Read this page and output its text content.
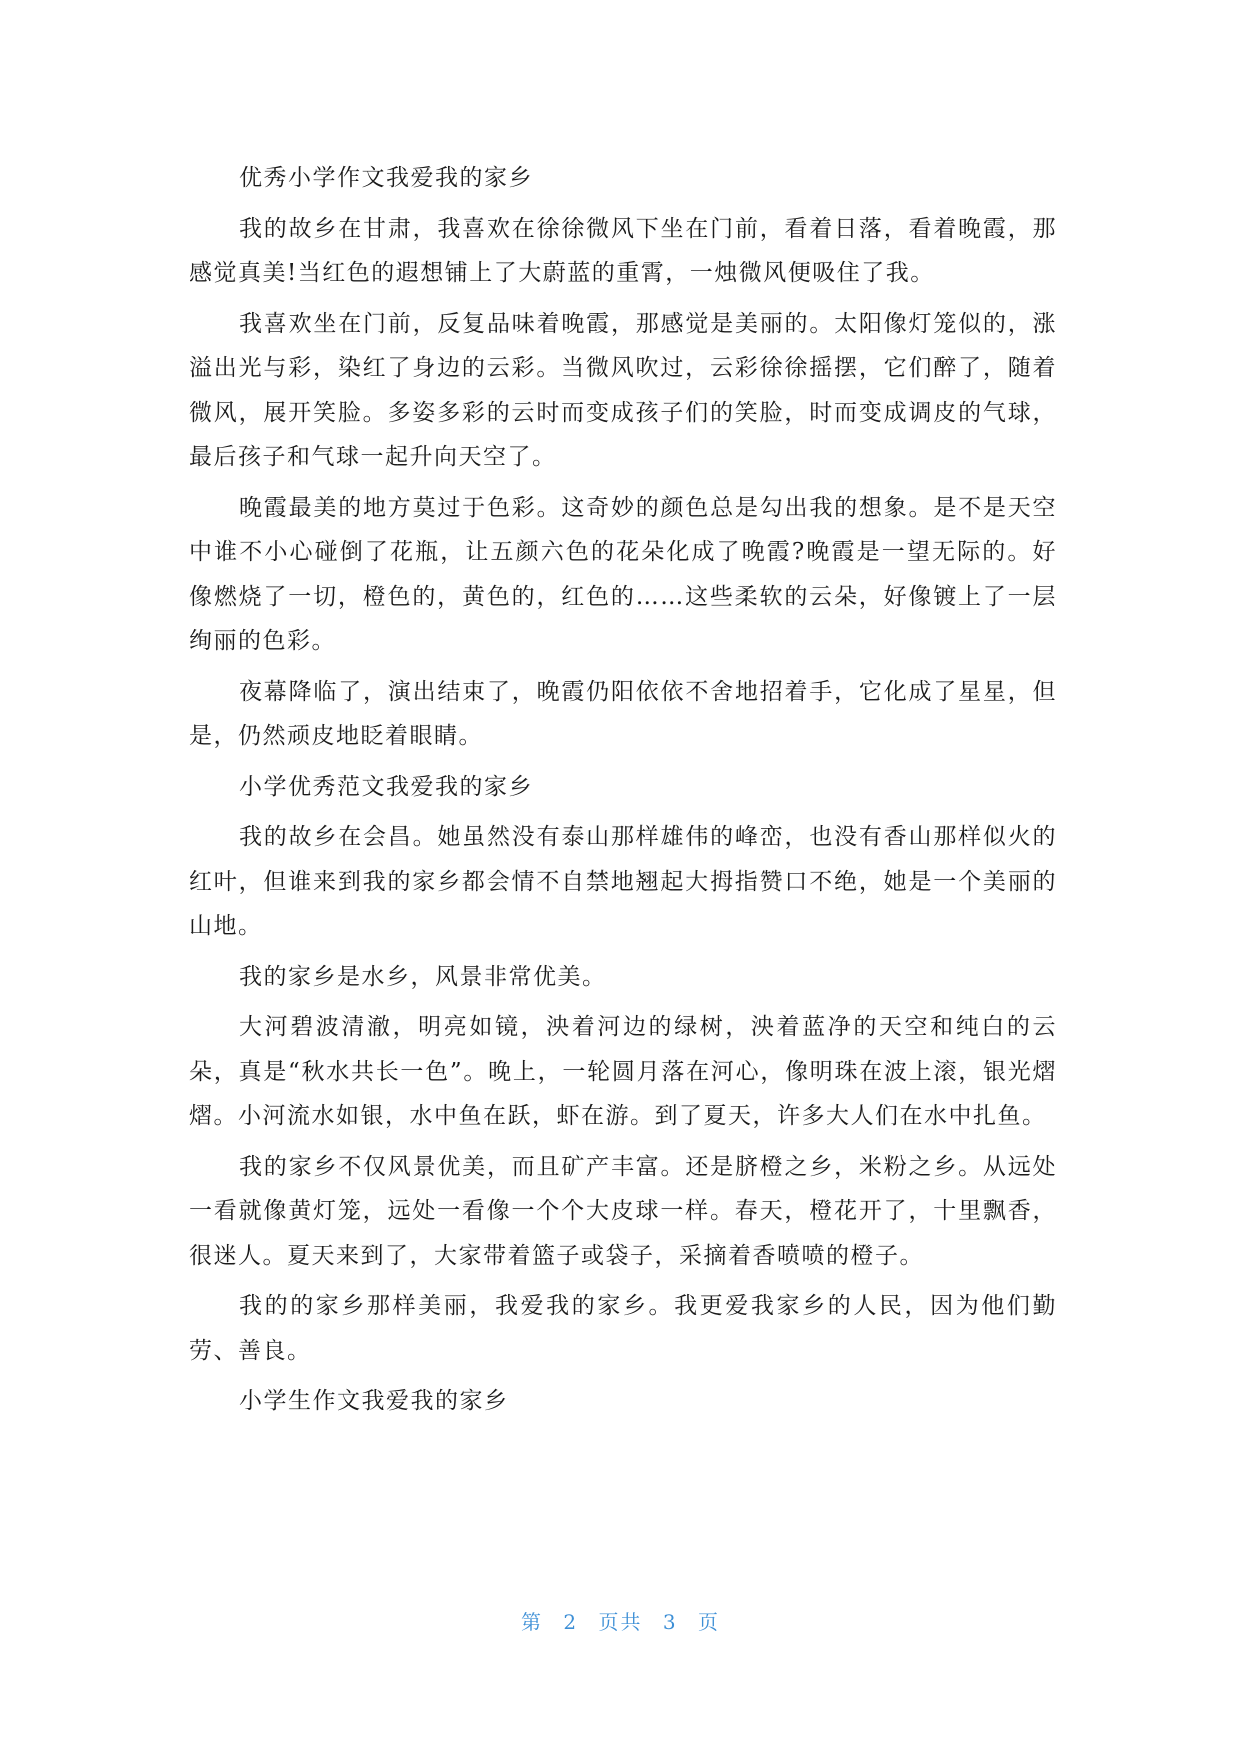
优秀小学作文我爱我的家乡

我的故乡在甘肃，我喜欢在徐徐微风下坐在门前，看着日落，看着晚霞，那感觉真美!当红色的遐想铺上了大蔚蓝的重霄，一烛微风便吸住了我。

我喜欢坐在门前，反复品味着晚霞，那感觉是美丽的。太阳像灯笼似的，涨溢出光与彩，染红了身边的云彩。当微风吹过，云彩徐徐摇摆，它们醉了，随着微风，展开笑脸。多姿多彩的云时而变成孩子们的笑脸，时而变成调皮的气球，最后孩子和气球一起升向天空了。

晚霞最美的地方莫过于色彩。这奇妙的颜色总是勾出我的想象。是不是天空中谁不小心碰倒了花瓶，让五颜六色的花朵化成了晚霞?晚霞是一望无际的。好像燃烧了一切，橙色的，黄色的，红色的……这些柔软的云朵，好像镀上了一层绚丽的色彩。

夜幕降临了，演出结束了，晚霞仍阳依依不舍地招着手，它化成了星星，但是，仍然顽皮地眨着眼睛。

小学优秀范文我爱我的家乡

我的故乡在会昌。她虽然没有泰山那样雄伟的峰峦，也没有香山那样似火的红叶，但谁来到我的家乡都会情不自禁地翘起大拇指赞口不绝，她是一个美丽的山地。

我的家乡是水乡，风景非常优美。

大河碧波清澈，明亮如镜，泱着河边的绿树，泱着蓝净的天空和纯白的云朵，真是“秋水共长一色”。晚上，一轮圆月落在河心，像明珠在波上滚，银光熠熠。小河流水如银，水中鱼在跃，虾在游。到了夏天，许多大人们在水中扎鱼。

我的家乡不仅风景优美，而且矿产丰富。还是脐橙之乡，米粉之乡。从远处一看就像黄灯笼，远处一看像一个个大皮球一样。春天，橙花开了，十里飘香，很迷人。夏天来到了，大家带着篮子或袋子，采摘着香喷喷的橙子。

我的的家乡那样美丽，我爱我的家乡。我更爱我家乡的人民，因为他们勤劳、善良。

小学生作文我爱我的家乡

第 2 页共 3 页
